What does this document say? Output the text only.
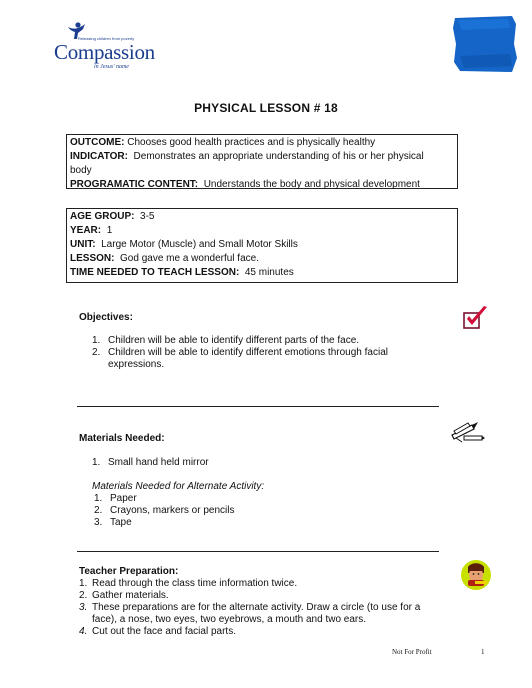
Releasing children from poverty
Compassion
in Jesus' name
PHYSICAL LESSON # 18
OUTCOME: Chooses good health practices and is physically healthy
INDICATOR: Demonstrates an appropriate understanding of his or her physical
body
PROGRAMATIC CONTENT: Understands the body and physical development
AGE GROUP: 3-5
YEAR: 1
UNIT: Large Motor (Muscle) and Small Motor Skills
LESSON: God gave me a wonderful face.
TIME NEEDED TO TEACH LESSON: 45 minutes
Objectives:
1. Children will be able to identify different parts of the face.
2. Children will be able to identify different emotions through facial
expressions.
Materials Needed:
1. Small hand held mirror
Materials Needed for Alternate Activity:
1. Paper
2. Crayons, markers or pencils
3. Tape
Teacher Preparation:
1. Read through the class time information twice.
2. Gather materials.
3. These preparations are for the alternate activity. Draw a circle (to use for a
face), a nose, two eyes, two eyebrows, a mouth and two ears.
4. Cut out the face and facial parts.
Not For Profit	1
